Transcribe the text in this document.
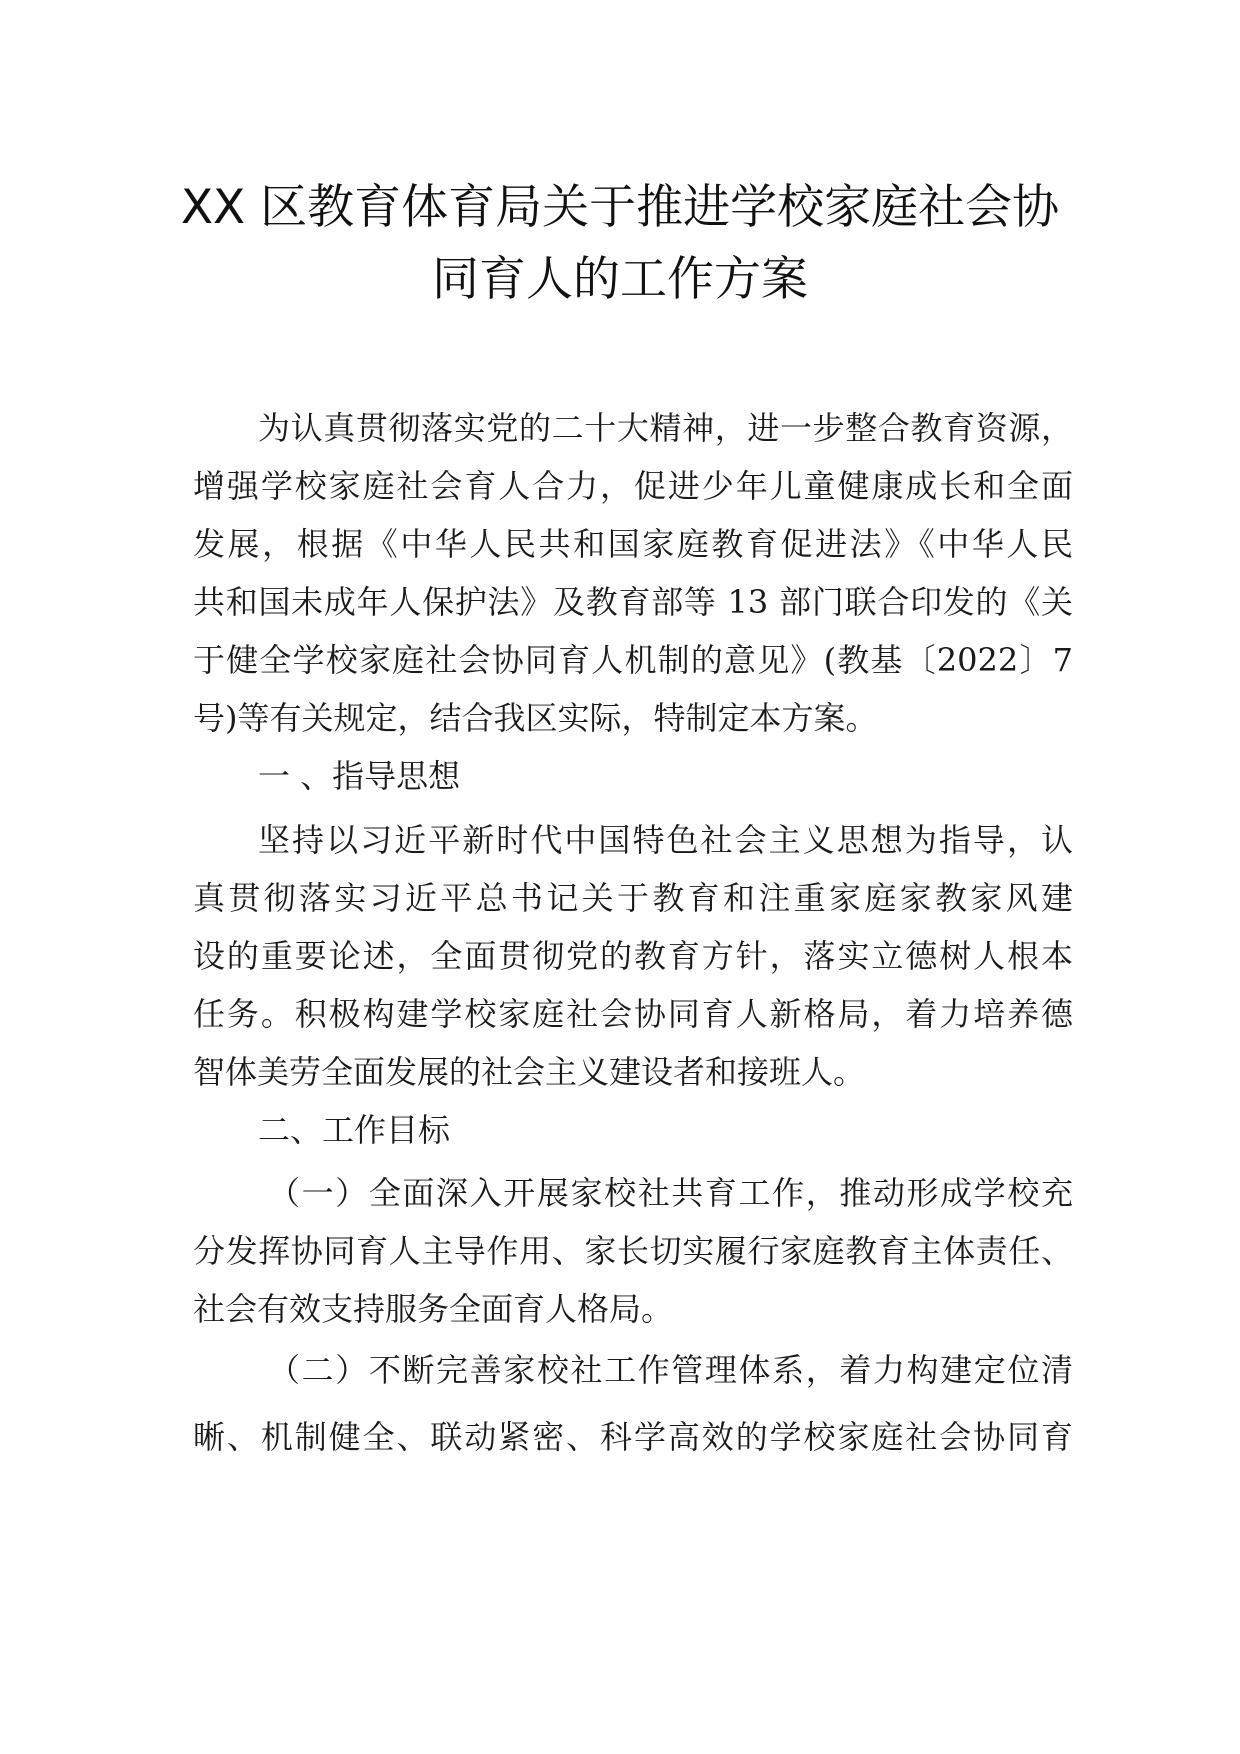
XX 区教育体育局关于推进学校家庭社会协
同育人的工作方案
为认真贯彻落实党的二十大精神，进一步整合教育资源，
增强学校家庭社会育人合力，促进少年儿童健康成长和全面
发展，根据《中华人民共和国家庭教育促进法》《中华人民
共和国未成年人保护法》及教育部等 13 部门联合印发的《关
于健全学校家庭社会协同育人机制的意见》(教基〔2022〕7
号)等有关规定，结合我区实际，特制定本方案。
一 、指导思想
坚持以习近平新时代中国特色社会主义思想为指导，认
真贯彻落实习近平总书记关于教育和注重家庭家教家风建
设的重要论述，全面贯彻党的教育方针，落实立德树人根本
任务。积极构建学校家庭社会协同育人新格局，着力培养德
智体美劳全面发展的社会主义建设者和接班人。
二、工作目标
（一）全面深入开展家校社共育工作，推动形成学校充
分发挥协同育人主导作用、家长切实履行家庭教育主体责任、
社会有效支持服务全面育人格局。
（二）不断完善家校社工作管理体系，着力构建定位清
晰、机制健全、联动紧密、科学高效的学校家庭社会协同育
